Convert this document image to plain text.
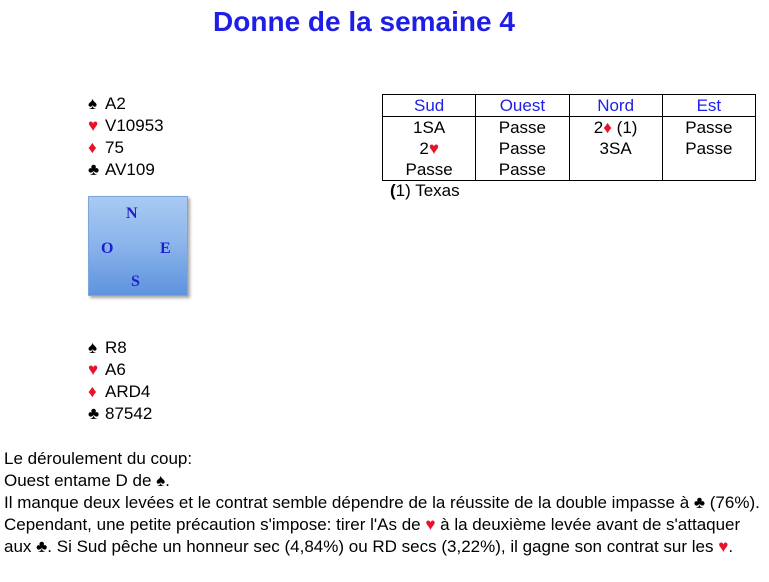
Donne de la semaine 4
♠ A2
♥ V10953
♦ 75
♣ AV109
N
O	E
S
♠ R8
♥ A6
♦ ARD4
♣ 87542
Sud	Ouest	Nord	Est
1SA	Passe	2♦ (1)	Passe
2♥	Passe	3SA	Passe
Passe	Passe		
(1) Texas

Le déroulement du coup:

Ouest entame D de ♠.

Il manque deux levées et le contrat semble dépendre de la réussite de la double impasse à ♣ (76%). Cependant, une petite précaution s'impose: tirer l'As de ♥ à la deuxième levée avant de s'attaquer aux ♣. Si Sud pêche un honneur sec (4,84%) ou RD secs (3,22%), il gagne son contrat sur les ♥.
